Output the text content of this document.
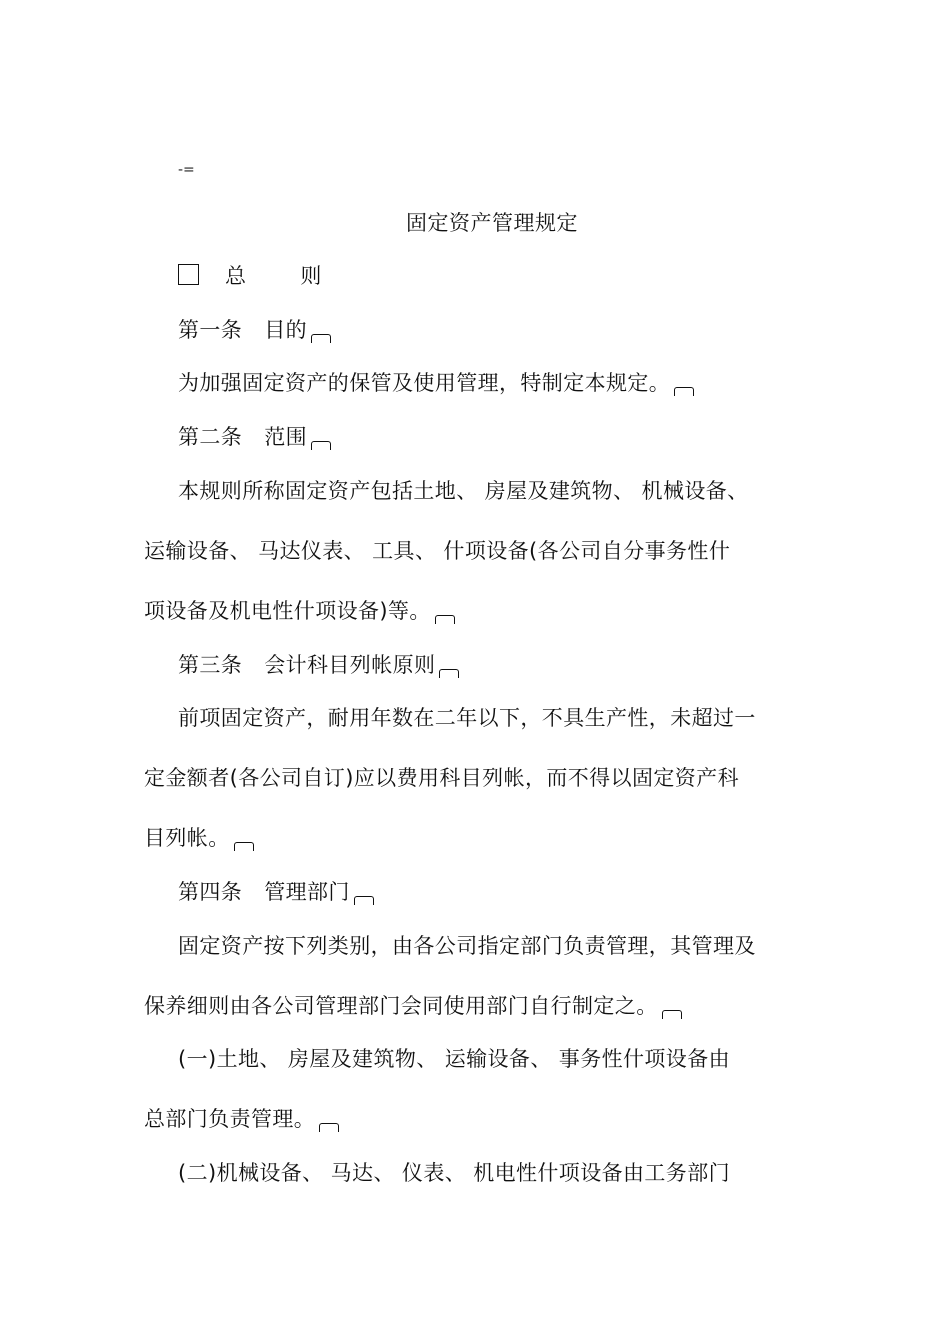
-=
固定资产管理规定
总	则
第一条 目的
为加强固定资产的保管及使用管理，特制定本规定。
第二条 范围
本规则所称固定资产包括土地、 房屋及建筑物、 机械设备、
运输设备、 马达仪表、 工具、 什项设备(各公司自分事务性什
项设备及机电性什项设备)等。
第三条 会计科目列帐原则
前项固定资产，耐用年数在二年以下，不具生产性，未超过一
定金额者(各公司自订)应以费用科目列帐，而不得以固定资产科
目列帐。
第四条 管理部门
固定资产按下列类别，由各公司指定部门负责管理，其管理及
保养细则由各公司管理部门会同使用部门自行制定之。
(一)土地、 房屋及建筑物、 运输设备、 事务性什项设备由
总部门负责管理。
(二)机械设备、 马达、 仪表、 机电性什项设备由工务部门
